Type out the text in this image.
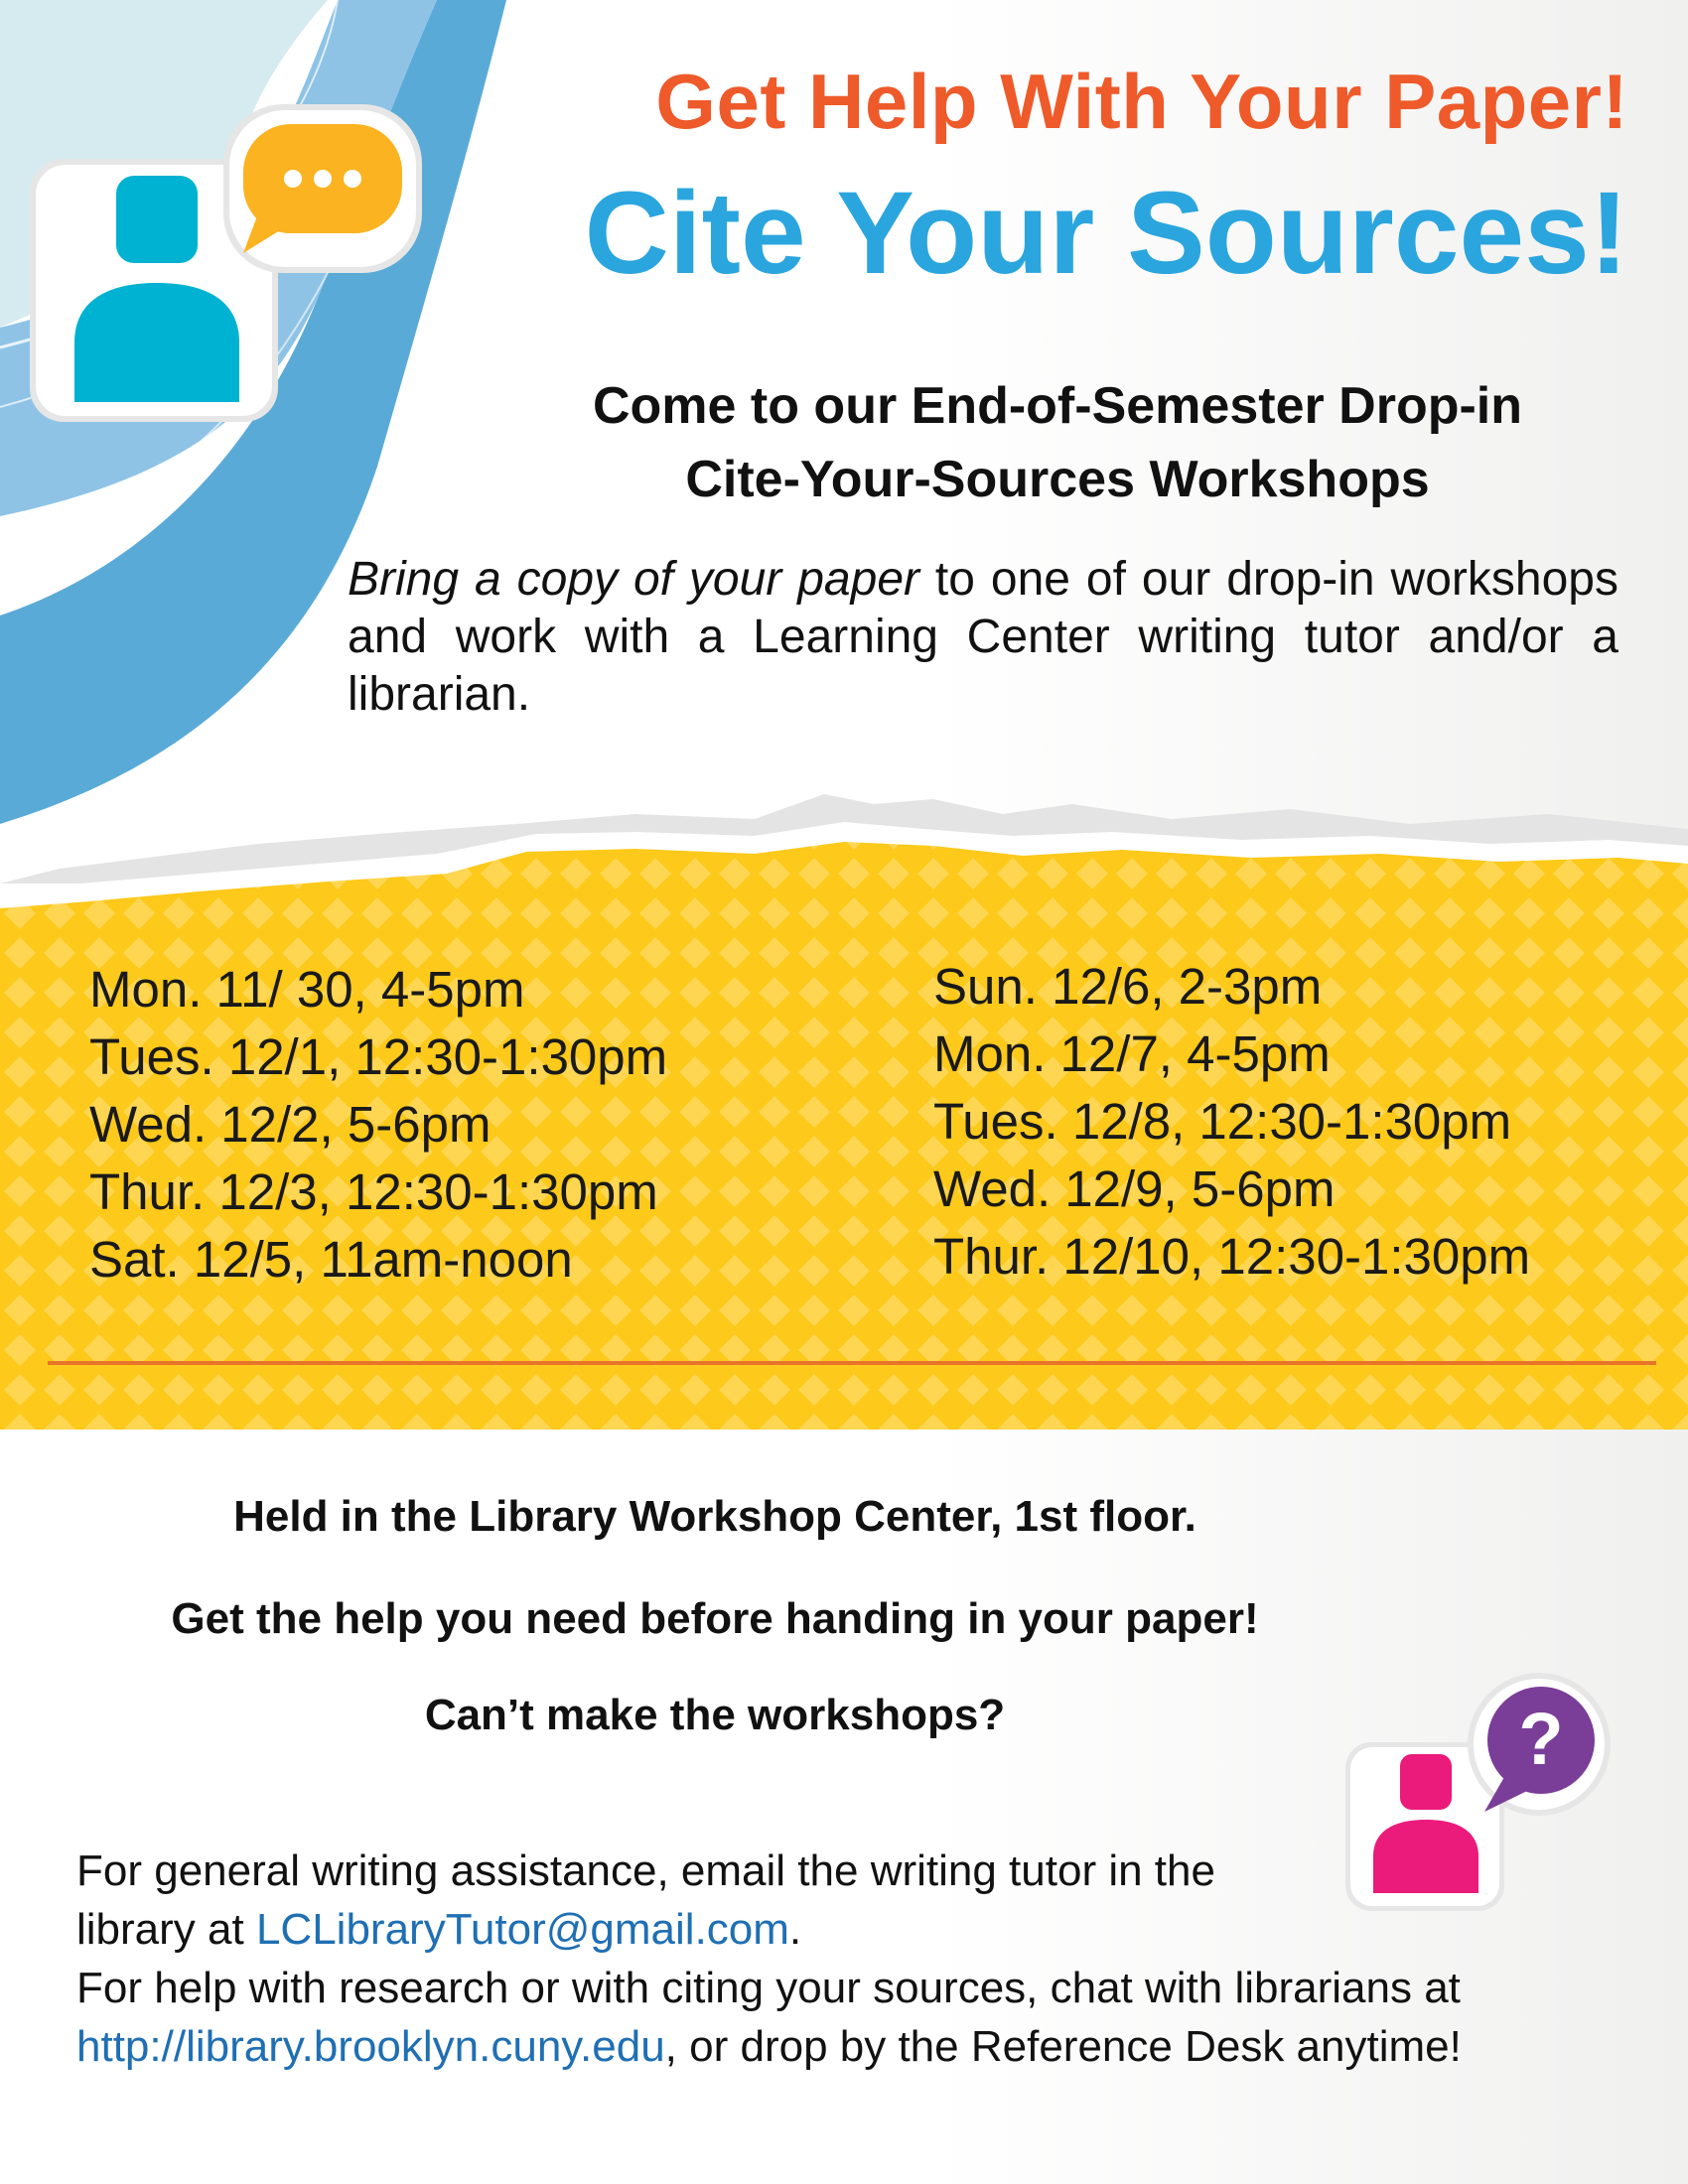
Get Help With Your Paper!
Cite Your Sources!
Come to our End-of-Semester Drop-in
Cite-Your-Sources Workshops
Bring a copy of your paper to one of our drop-in workshops and work with a Learning Center writing tutor and/or a librarian.
Mon. 11/ 30, 4-5pm
Tues. 12/1, 12:30-1:30pm
Wed. 12/2, 5-6pm
Thur. 12/3, 12:30-1:30pm
Sat. 12/5, 11am-noon
Sun. 12/6, 2-3pm
Mon. 12/7, 4-5pm
Tues. 12/8, 12:30-1:30pm
Wed. 12/9, 5-6pm
Thur. 12/10, 12:30-1:30pm
Held in the Library Workshop Center, 1st floor.
Get the help you need before handing in your paper!
Can’t make the workshops?	?
For general writing assistance, email the writing tutor in the library at LCLibraryTutor@gmail.com.
For help with research or with citing your sources, chat with librarians at http://library.brooklyn.cuny.edu, or drop by the Reference Desk anytime!
